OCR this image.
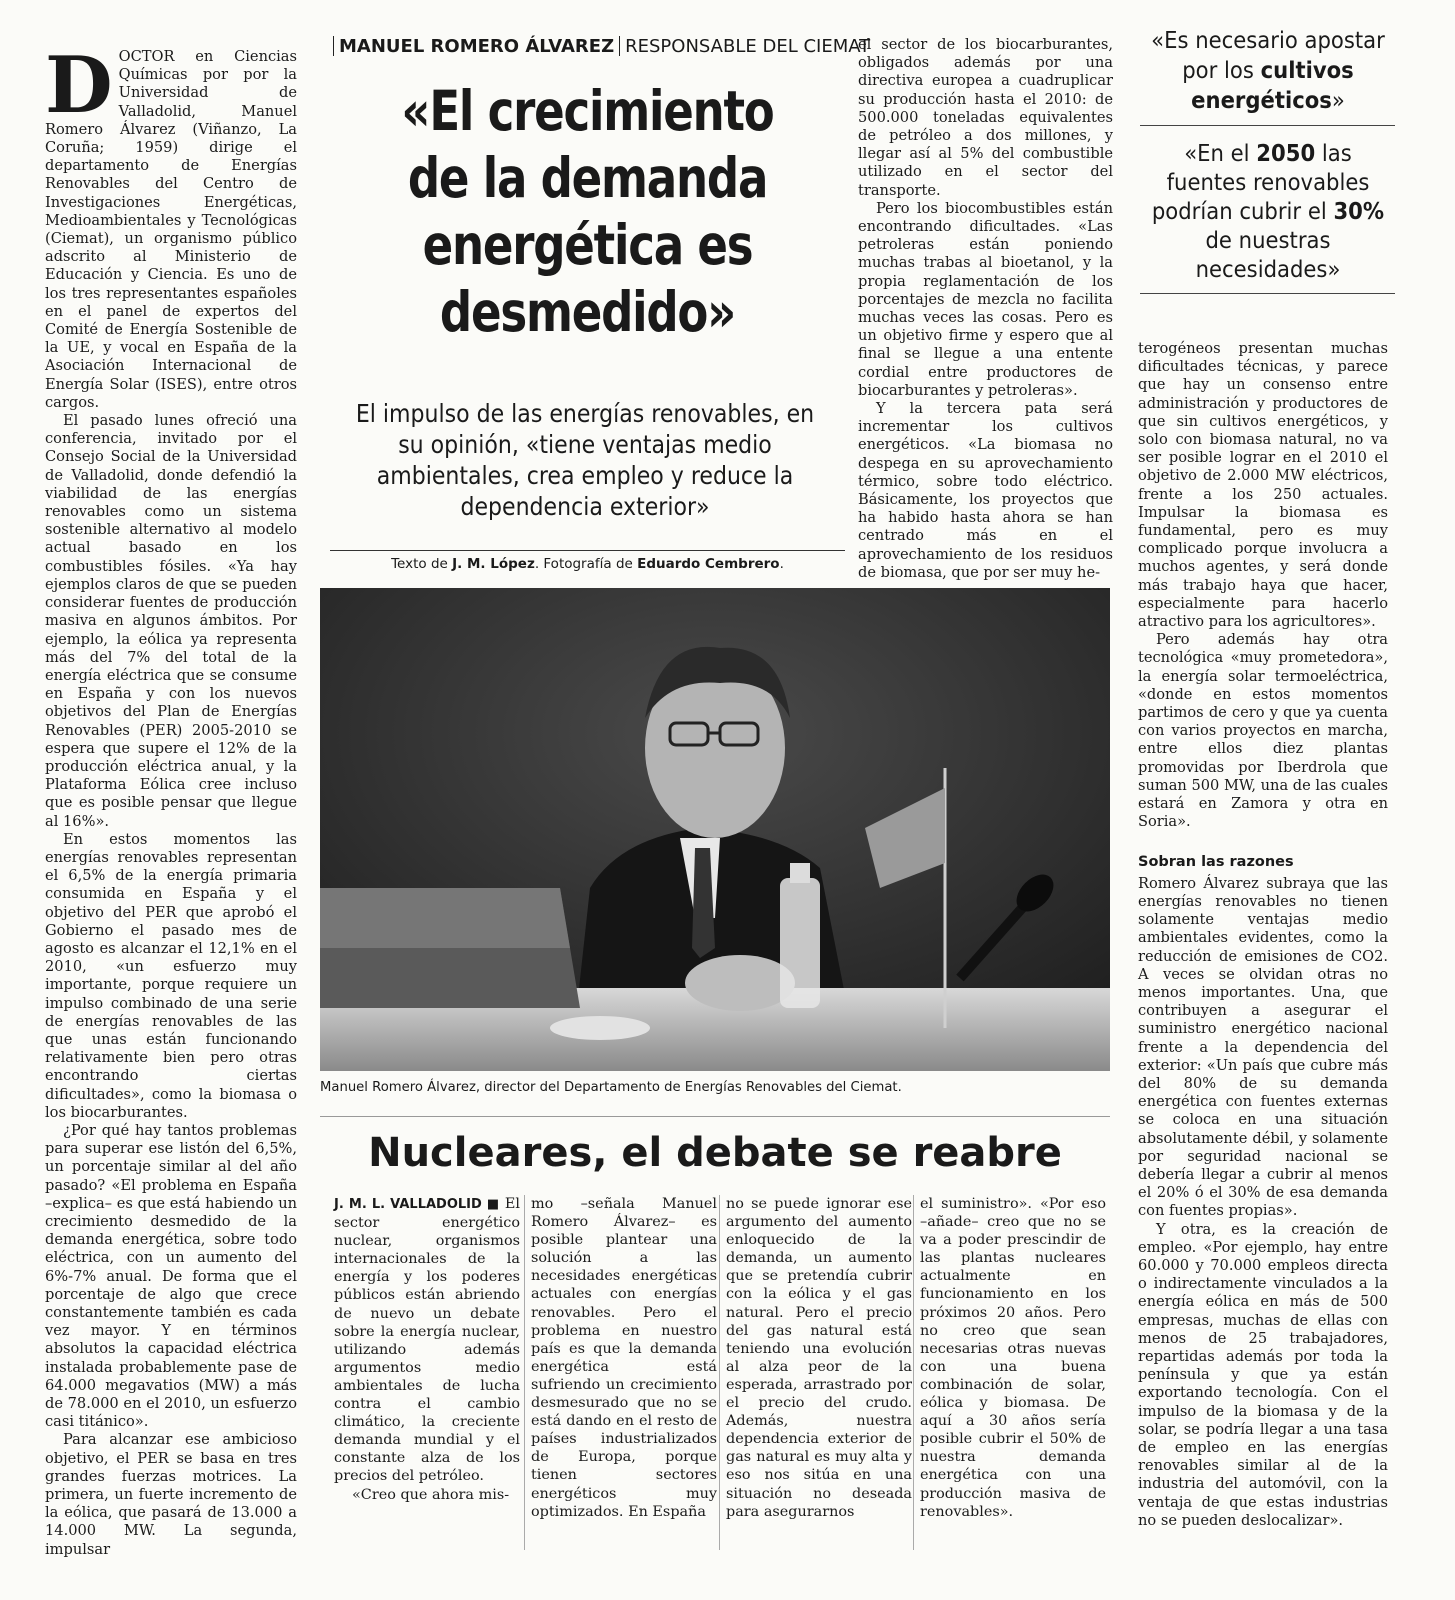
DOCTOR en Ciencias Químicas por por la Universidad de Valladolid, Manuel Romero Álvarez (Viñanzo, La Coruña; 1959) dirige el departamento de Energías Renovables del Centro de Investigaciones Energéticas, Medioambientales y Tecnológicas (Ciemat), un organismo público adscrito al Ministerio de Educación y Ciencia. Es uno de los tres representantes españoles en el panel de expertos del Comité de Energía Sostenible de la UE, y vocal en España de la Asociación Internacional de Energía Solar (ISES), entre otros cargos.

El pasado lunes ofreció una conferencia, invitado por el Consejo Social de la Universidad de Valladolid, donde defendió la viabilidad de las energías renovables como un sistema sostenible alternativo al modelo actual basado en los combustibles fósiles. «Ya hay ejemplos claros de que se pueden considerar fuentes de producción masiva en algunos ámbitos. Por ejemplo, la eólica ya representa más del 7% del total de la energía eléctrica que se consume en España y con los nuevos objetivos del Plan de Energías Renovables (PER) 2005-2010 se espera que supere el 12% de la producción eléctrica anual, y la Plataforma Eólica cree incluso que es posible pensar que llegue al 16%».

En estos momentos las energías renovables representan el 6,5% de la energía primaria consumida en España y el objetivo del PER que aprobó el Gobierno el pasado mes de agosto es alcanzar el 12,1% en el 2010, «un esfuerzo muy importante, porque requiere un impulso combinado de una serie de energías renovables de las que unas están funcionando relativamente bien pero otras encontrando ciertas dificultades», como la biomasa o los biocarburantes.

¿Por qué hay tantos problemas para superar ese listón del 6,5%, un porcentaje similar al del año pasado? «El problema en España –explica– es que está habiendo un crecimiento desmedido de la demanda energética, sobre todo eléctrica, con un aumento del 6%-7% anual. De forma que el porcentaje de algo que crece constantemente también es cada vez mayor. Y en términos absolutos la capacidad eléctrica instalada probablemente pase de 64.000 megavatios (MW) a más de 78.000 en el 2010, un esfuerzo casi titánico».

Para alcanzar ese ambicioso objetivo, el PER se basa en tres grandes fuerzas motrices. La primera, un fuerte incremento de la eólica, que pasará de 13.000 a 14.000 MW. La segunda, impulsar

MANUEL ROMERO ÁLVAREZ RESPONSABLE DEL CIEMAT
«El crecimiento de la demanda energética es desmedido»
El impulso de las energías renovables, en su opinión, «tiene ventajas medio ambientales, crea empleo y reduce la dependencia exterior»
Texto de J. M. López. Fotografía de Eduardo Cembrero.

el sector de los biocarburantes, obligados además por una directiva europea a cuadruplicar su producción hasta el 2010: de 500.000 toneladas equivalentes de petróleo a dos millones, y llegar así al 5% del combustible utilizado en el sector del transporte.

Pero los biocombustibles están encontrando dificultades. «Las petroleras están poniendo muchas trabas al bioetanol, y la propia reglamentación de los porcentajes de mezcla no facilita muchas veces las cosas. Pero es un objetivo firme y espero que al final se llegue a una entente cordial entre productores de biocarburantes y petroleras».

Y la tercera pata será incrementar los cultivos energéticos. «La biomasa no despega en su aprovechamiento térmico, sobre todo eléctrico. Básicamente, los proyectos que ha habido hasta ahora se han centrado más en el aprovechamiento de los residuos de biomasa, que por ser muy he-

«Es necesario apostar por los cultivos energéticos»
«En el 2050 las fuentes renovables podrían cubrir el 30% de nuestras necesidades»

terogéneos presentan muchas dificultades técnicas, y parece que hay un consenso entre administración y productores de que sin cultivos energéticos, y solo con biomasa natural, no va ser posible lograr en el 2010 el objetivo de 2.000 MW eléctricos, frente a los 250 actuales. Impulsar la biomasa es fundamental, pero es muy complicado porque involucra a muchos agentes, y será donde más trabajo haya que hacer, especialmente para hacerlo atractivo para los agricultores».

Pero además hay otra tecnológica «muy prometedora», la energía solar termoeléctrica, «donde en estos momentos partimos de cero y que ya cuenta con varios proyectos en marcha, entre ellos diez plantas promovidas por Iberdrola que suman 500 MW, una de las cuales estará en Zamora y otra en Soria».

Sobran las razones

Romero Álvarez subraya que las energías renovables no tienen solamente ventajas medio ambientales evidentes, como la reducción de emisiones de CO2. A veces se olvidan otras no menos importantes. Una, que contribuyen a asegurar el suministro energético nacional frente a la dependencia del exterior: «Un país que cubre más del 80% de su demanda energética con fuentes externas se coloca en una situación absolutamente débil, y solamente por seguridad nacional se debería llegar a cubrir al menos el 20% ó el 30% de esa demanda con fuentes propias».

Y otra, es la creación de empleo. «Por ejemplo, hay entre 60.000 y 70.000 empleos directa o indirectamente vinculados a la energía eólica en más de 500 empresas, muchas de ellas con menos de 25 trabajadores, repartidas además por toda la península y que ya están exportando tecnología. Con el impulso de la biomasa y de la solar, se podría llegar a una tasa de empleo en las energías renovables similar al de la industria del automóvil, con la ventaja de que estas industrias no se pueden deslocalizar».

Manuel Romero Álvarez, director del Departamento de Energías Renovables del Ciemat.
Nucleares, el debate se reabre

J. M. L. VALLADOLID ■ El sector energético nuclear, organismos internacionales de la energía y los poderes públicos están abriendo de nuevo un debate sobre la energía nuclear, utilizando además argumentos medio ambientales de lucha contra el cambio climático, la creciente demanda mundial y el constante alza de los precios del petróleo.

«Creo que ahora mis-

mo –señala Manuel Romero Álvarez– es posible plantear una solución a las necesidades energéticas actuales con energías renovables. Pero el problema en nuestro país es que la demanda energética está sufriendo un crecimiento desmesurado que no se está dando en el resto de países industrializados de Europa, porque tienen sectores energéticos muy optimizados. En España

no se puede ignorar ese argumento del aumento enloquecido de la demanda, un aumento que se pretendía cubrir con la eólica y el gas natural. Pero el precio del gas natural está teniendo una evolución al alza peor de la esperada, arrastrado por el precio del crudo. Además, nuestra dependencia exterior de gas natural es muy alta y eso nos sitúa en una situación no deseada para asegurarnos

el suministro». «Por eso –añade– creo que no se va a poder prescindir de las plantas nucleares actualmente en funcionamiento en los próximos 20 años. Pero no creo que sean necesarias otras nuevas con una buena combinación de solar, eólica y biomasa. De aquí a 30 años sería posible cubrir el 50% de nuestra demanda energética con una producción masiva de renovables».
